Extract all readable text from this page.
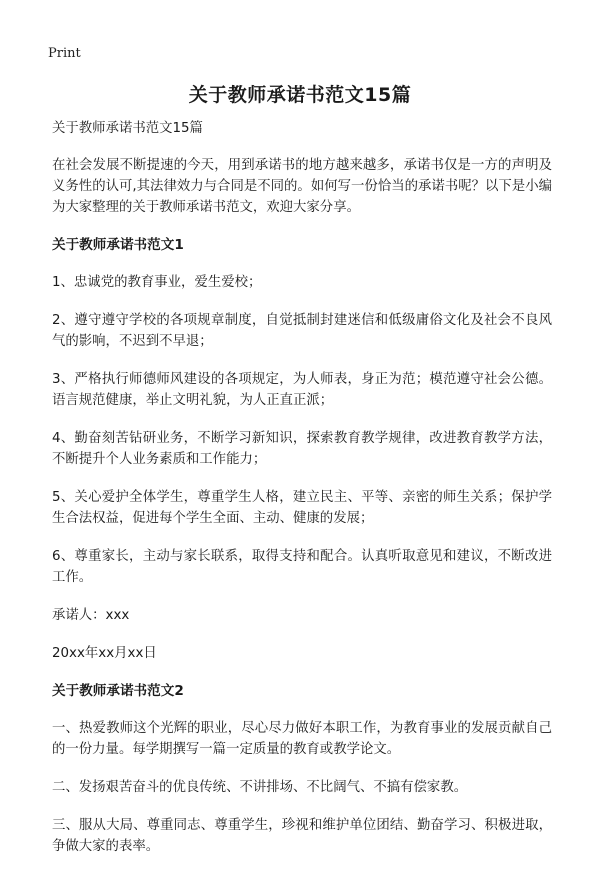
Print
关于教师承诺书范文15篇

关于教师承诺书范文15篇

在社会发展不断提速的今天，用到承诺书的地方越来越多，承诺书仅是一方的声明及义务性的认可,其法律效力与合同是不同的。如何写一份恰当的承诺书呢？以下是小编为大家整理的关于教师承诺书范文，欢迎大家分享。

关于教师承诺书范文1

1、忠诚党的教育事业，爱生爱校；

2、遵守遵守学校的各项规章制度，自觉抵制封建迷信和低级庸俗文化及社会不良风气的影响，不迟到不早退；

3、严格执行师德师风建设的各项规定，为人师表，身正为范；模范遵守社会公德。语言规范健康，举止文明礼貌，为人正直正派；

4、勤奋刻苦钻研业务，不断学习新知识，探索教育教学规律，改进教育教学方法，不断提升个人业务素质和工作能力；

5、关心爱护全体学生，尊重学生人格，建立民主、平等、亲密的师生关系；保护学生合法权益，促进每个学生全面、主动、健康的发展；

6、尊重家长，主动与家长联系，取得支持和配合。认真听取意见和建议，不断改进工作。

承诺人：xxx

20xx年xx月xx日

关于教师承诺书范文2

一、热爱教师这个光辉的职业，尽心尽力做好本职工作，为教育事业的发展贡献自己的一份力量。每学期撰写一篇一定质量的教育或教学论文。

二、发扬艰苦奋斗的优良传统、不讲排场、不比阔气、不搞有偿家教。

三、服从大局、尊重同志、尊重学生，珍视和维护单位团结、勤奋学习、积极进取，争做大家的表率。
